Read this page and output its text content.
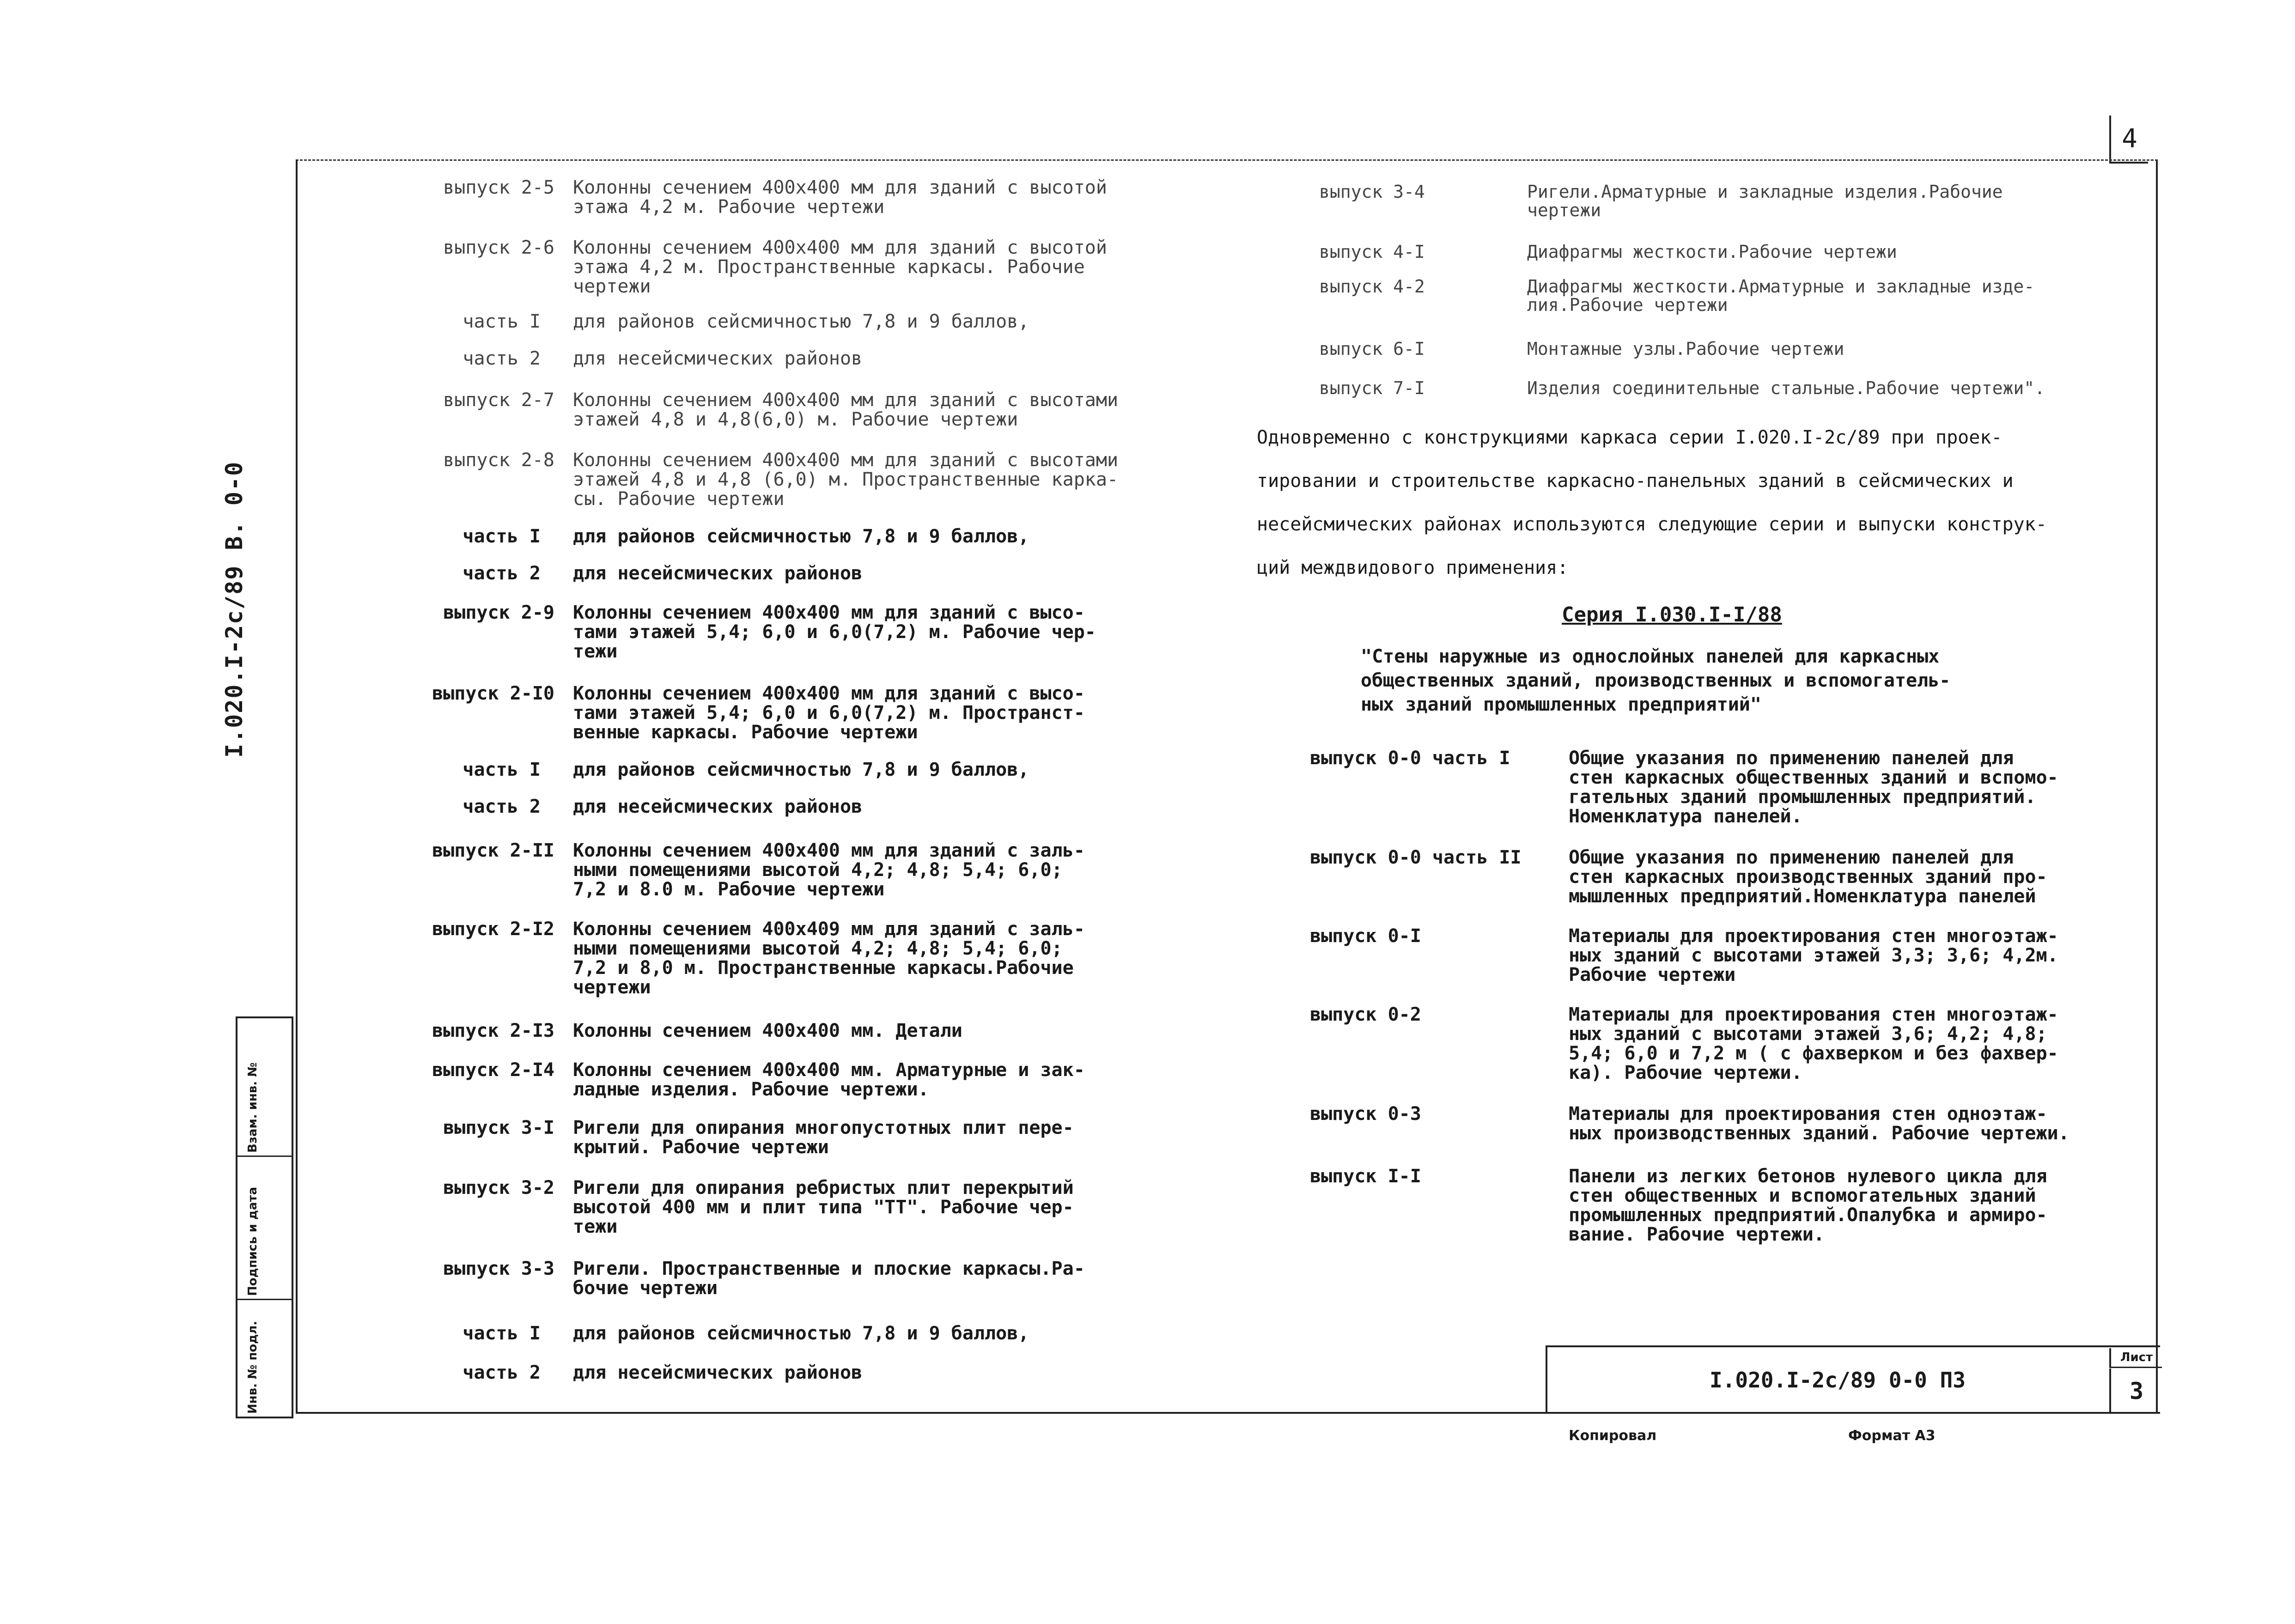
4
I.020.I-2c/89 В. 0-0
Взам. инв. №
Подпись и дата
Инв. № подл.
выпуск 2-5	Колонны сечением 400х400 мм для зданий с высотой
этажа 4,2 м. Рабочие чертежи
выпуск 2-6	Колонны сечением 400х400 мм для зданий с высотой
этажа 4,2 м. Пространственные каркасы. Рабочие
чертежи
часть I	для районов сейсмичностью 7,8 и 9 баллов,
часть 2	для несейсмических районов
выпуск 2-7	Колонны сечением 400х400 мм для зданий с высотами
этажей 4,8 и 4,8(6,0) м. Рабочие чертежи
выпуск 2-8	Колонны сечением 400х400 мм для зданий с высотами
этажей 4,8 и 4,8 (6,0) м. Пространственные карка-
сы. Рабочие чертежи
часть I	для районов сейсмичностью 7,8 и 9 баллов,
часть 2	для несейсмических районов
выпуск 2-9	Колонны сечением 400х400 мм для зданий с высо-
тами этажей 5,4; 6,0 и 6,0(7,2) м. Рабочие чер-
тежи
выпуск 2-I0	Колонны сечением 400х400 мм для зданий с высо-
тами этажей 5,4; 6,0 и 6,0(7,2) м. Пространст-
венные каркасы. Рабочие чертежи
часть I	для районов сейсмичностью 7,8 и 9 баллов,
часть 2	для несейсмических районов
выпуск 2-II	Колонны сечением 400х400 мм для зданий с заль-
ными помещениями высотой 4,2; 4,8; 5,4; 6,0;
7,2 и 8.0 м. Рабочие чертежи
выпуск 2-I2	Колонны сечением 400х409 мм для зданий с заль-
ными помещениями высотой 4,2; 4,8; 5,4; 6,0;
7,2 и 8,0 м. Пространственные каркасы.Рабочие
чертежи
выпуск 2-I3	Колонны сечением 400х400 мм. Детали
выпуск 2-I4	Колонны сечением 400х400 мм. Арматурные и зак-
ладные изделия. Рабочие чертежи.
выпуск 3-I	Ригели для опирания многопустотных плит пере-
крытий. Рабочие чертежи
выпуск 3-2	Ригели для опирания ребристых плит перекрытий
высотой 400 мм и плит типа "ТТ". Рабочие чер-
тежи
выпуск 3-3	Ригели. Пространственные и плоские каркасы.Ра-
бочие чертежи
часть I	для районов сейсмичностью 7,8 и 9 баллов,
часть 2	для несейсмических районов
выпуск 3-4	Ригели.Арматурные и закладные изделия.Рабочие
чертежи
выпуск 4-I	Диафрагмы жесткости.Рабочие чертежи
выпуск 4-2	Диафрагмы жесткости.Арматурные и закладные изде-
лия.Рабочие чертежи
выпуск 6-I	Монтажные узлы.Рабочие чертежи
выпуск 7-I	Изделия соединительные стальные.Рабочие чертежи".
Одновременно с конструкциями каркаса серии I.020.I-2c/89 при проек-
тировании и строительстве каркасно-панельных зданий в сейсмических и
несейсмических районах используются следующие серии и выпуски конструк-
ций междвидового применения:
Серия I.030.I-I/88
"Стены наружные из однослойных панелей для каркасных
общественных зданий, производственных и вспомогатель-
ных зданий промышленных предприятий"
выпуск 0-0 часть I	Общие указания по применению панелей для
стен каркасных общественных зданий и вспомо-
гательных зданий промышленных предприятий.
Номенклатура панелей.
выпуск 0-0 часть II	Общие указания по применению панелей для
стен каркасных производственных зданий про-
мышленных предприятий.Номенклатура панелей
выпуск 0-I	Материалы для проектирования стен многоэтаж-
ных зданий с высотами этажей 3,3; 3,6; 4,2м.
Рабочие чертежи
выпуск 0-2	Материалы для проектирования стен многоэтаж-
ных зданий с высотами этажей 3,6; 4,2; 4,8;
5,4; 6,0 и 7,2 м ( с фахверком и без фахвер-
ка). Рабочие чертежи.
выпуск 0-3	Материалы для проектирования стен одноэтаж-
ных производственных зданий. Рабочие чертежи.
выпуск I-I	Панели из легких бетонов нулевого цикла для
стен общественных и вспомогательных зданий
промышленных предприятий.Опалубка и армиро-
вание. Рабочие чертежи.
I.020.I-2c/89 0-0 ПЗ
Лист
3
Копировал	Формат А3
